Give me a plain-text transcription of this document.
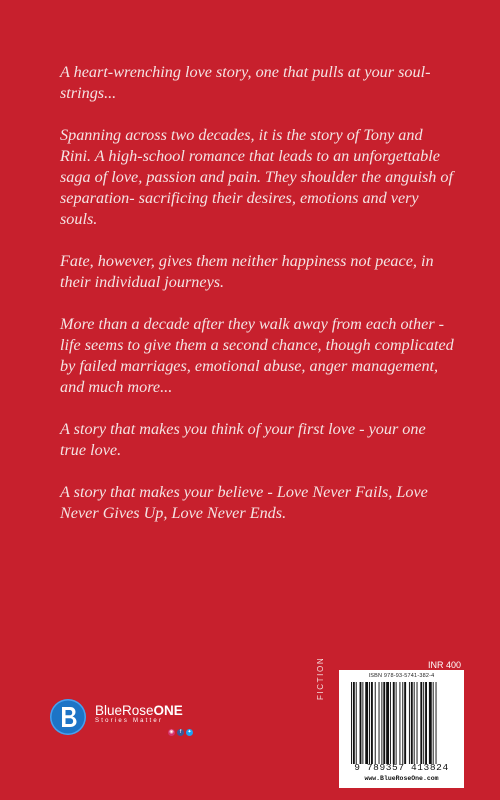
A heart-wrenching love story, one that pulls at your soul-strings...

Spanning across two decades, it is the story of Tony and Rini. A high-school romance that leads to an unforgettable saga of love, passion and pain. They shoulder the anguish of separation- sacrificing their desires, emotions and very souls.

Fate, however, gives them neither happiness not peace, in their individual journeys.

More than a decade after they walk away from each other - life seems to give them a second chance, though complicated by failed marriages, emotional abuse, anger management, and much more...

A story that makes you think of your first love - your one true love.

A story that makes your believe - Love Never Fails, Love Never Gives Up, Love Never Ends.

INR 400
FICTION	ISBN 978-93-5741-382-4
9 789357 413824
www.BlueRoseOne.com
BlueRoseONE
Stories Matter
◉	f	✦
